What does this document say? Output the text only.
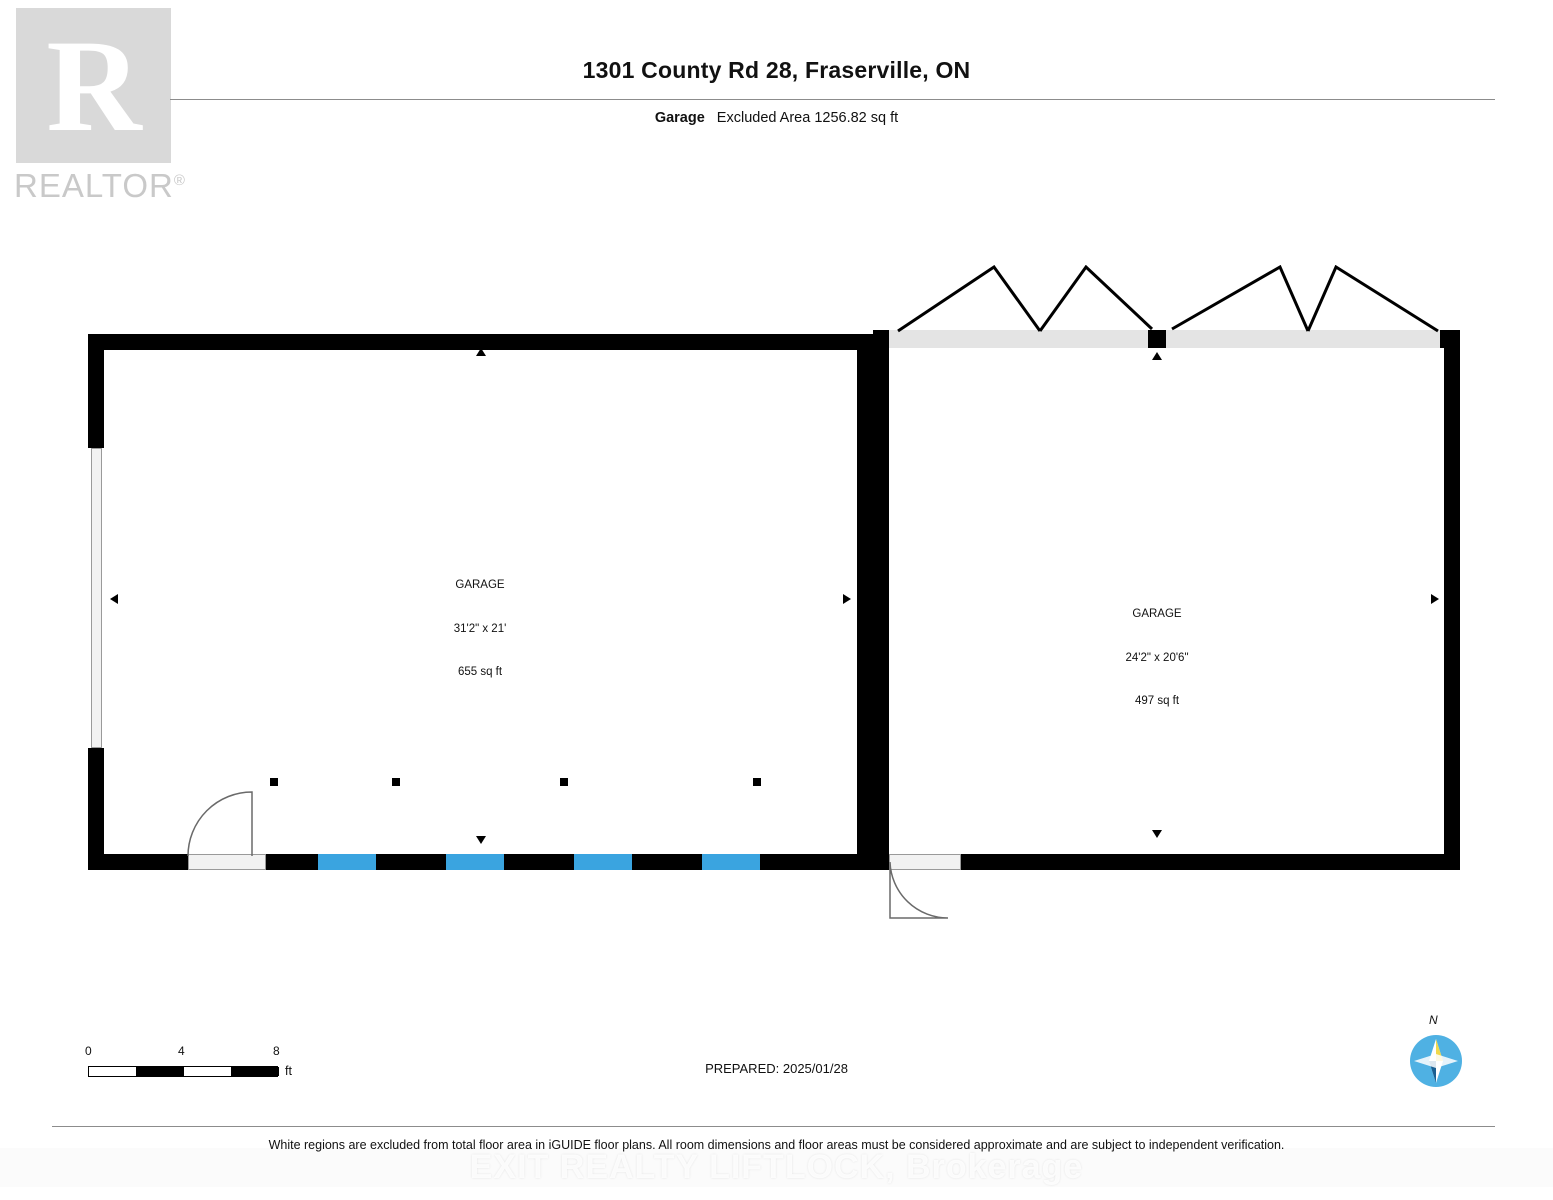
R
REALTOR®
1301 County Rd 28, Fraserville, ON
Garage Excluded Area 1256.82 sq ft

GARAGE

31'2" x 21'

655 sq ft

GARAGE

24'2" x 20'6"

497 sq ft

0	4	8
ft	PREPARED: 2025/01/28
N
White regions are excluded from total floor area in iGUIDE floor plans. All room dimensions and floor areas must be considered approximate and are subject to independent verification.
EXIT REALTY LIFTLOCK, Brokerage
